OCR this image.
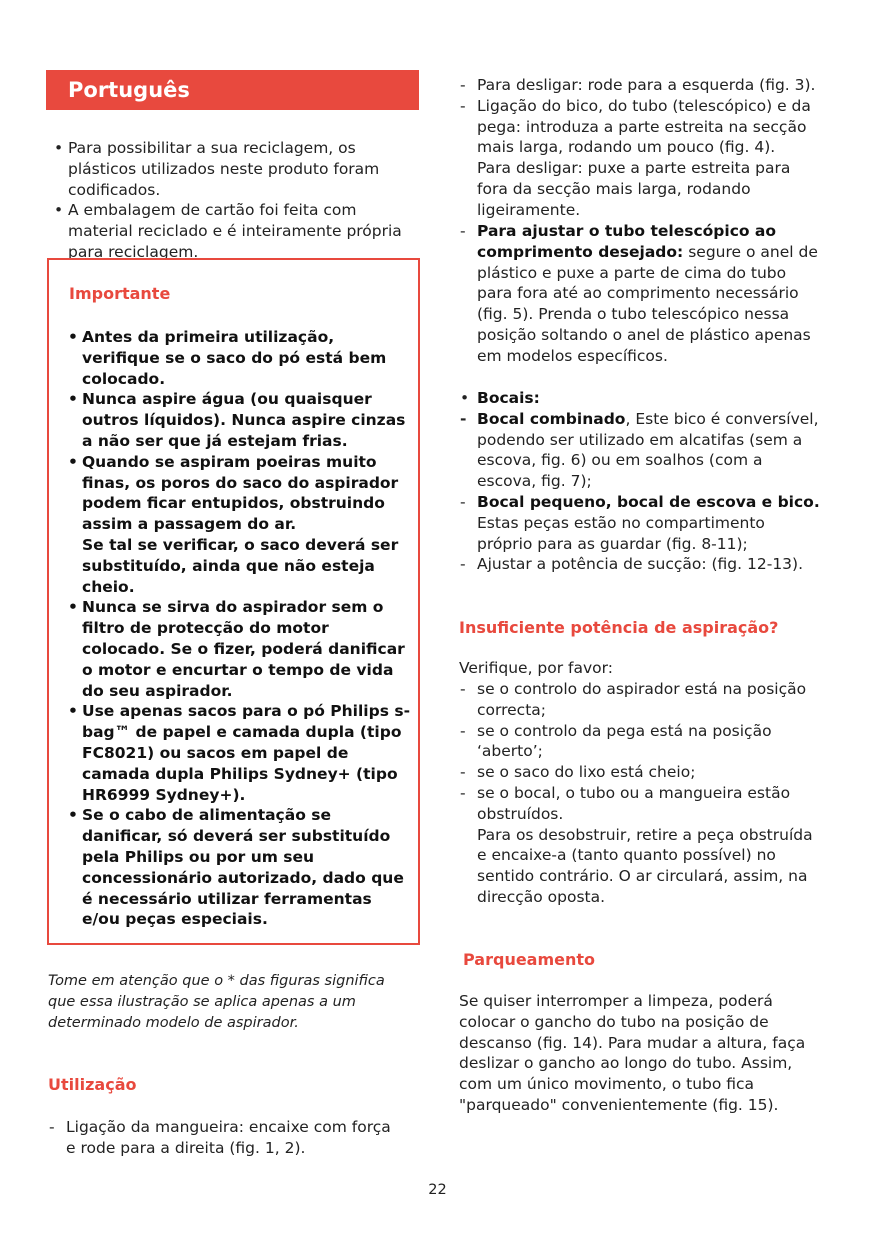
Português
• Para possibilitar a sua reciclagem, os plásticos utilizados neste produto foram codificados.
• A embalagem de cartão foi feita com material reciclado e é inteiramente própria para reciclagem.
Importante
• Antes da primeira utilização, verifique se o saco do pó está bem colocado.
• Nunca aspire água (ou quaisquer outros líquidos). Nunca aspire cinzas a não ser que já estejam frias.
• Quando se aspiram poeiras muito finas, os poros do saco do aspirador podem ficar entupidos, obstruindo assim a passagem do ar.
Se tal se verificar, o saco deverá ser substituído, ainda que não esteja cheio.
• Nunca se sirva do aspirador sem o filtro de protecção do motor colocado. Se o fizer, poderá danificar o motor e encurtar o tempo de vida do seu aspirador.
• Use apenas sacos para o pó Philips s-bag™ de papel e camada dupla (tipo FC8021) ou sacos em papel de camada dupla Philips Sydney+ (tipo HR6999 Sydney+).
• Se o cabo de alimentação se danificar, só deverá ser substituído pela Philips ou por um seu concessionário autorizado, dado que é necessário utilizar ferramentas e/ou peças especiais.
Tome em atenção que o * das figuras significa que essa ilustração se aplica apenas a um determinado modelo de aspirador.
Utilização
- Ligação da mangueira: encaixe com força e rode para a direita (fig. 1, 2).
- Para desligar: rode para a esquerda (fig. 3).
- Ligação do bico, do tubo (telescópico) e da pega: introduza a parte estreita na secção mais larga, rodando um pouco (fig. 4).
Para desligar: puxe a parte estreita para fora da secção mais larga, rodando ligeiramente.
- Para ajustar o tubo telescópico ao comprimento desejado: segure o anel de plástico e puxe a parte de cima do tubo para fora até ao comprimento necessário (fig. 5). Prenda o tubo telescópico nessa posição soltando o anel de plástico apenas em modelos específicos.
• Bocais:
- Bocal combinado, Este bico é conversível, podendo ser utilizado em alcatifas (sem a escova, fig. 6) ou em soalhos (com a escova, fig. 7);
- Bocal pequeno, bocal de escova e bico.
Estas peças estão no compartimento próprio para as guardar (fig. 8-11);
- Ajustar a potência de sucção: (fig. 12-13).
Insuficiente potência de aspiração?
Verifique, por favor:
- se o controlo do aspirador está na posição correcta;
- se o controlo da pega está na posição ‘aberto’;
- se o saco do lixo está cheio;
- se o bocal, o tubo ou a mangueira estão obstruídos.
Para os desobstruir, retire a peça obstruída e encaixe-a (tanto quanto possível) no sentido contrário. O ar circulará, assim, na direcção oposta.
Parqueamento
Se quiser interromper a limpeza, poderá colocar o gancho do tubo na posição de descanso (fig. 14). Para mudar a altura, faça deslizar o gancho ao longo do tubo. Assim, com um único movimento, o tubo fica "parqueado" convenientemente (fig. 15).
22
